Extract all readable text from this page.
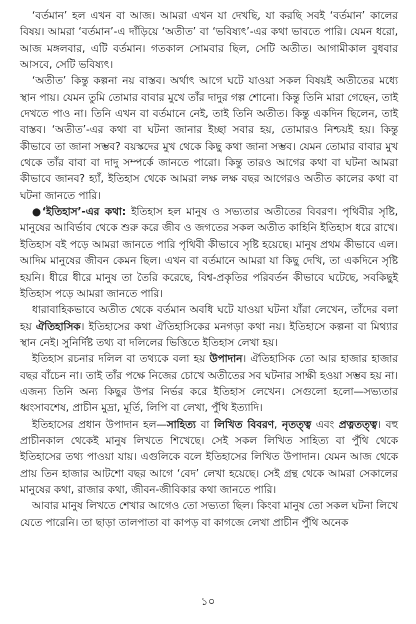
‘বর্তমান’ হল এখন বা আজ। আমরা এখন যা দেখছি, যা করছি সবই ‘বর্তমান’ কালের বিষয়। আমরা ‘বর্তমান’-এ দাঁড়িয়ে ‘অতীত’ বা ‘ভবিষ্যৎ’-এর কথা ভাবতে পারি। যেমন ধরো, আজ মঙ্গলবার, এটি বর্তমান। গতকাল সোমবার ছিল, সেটি অতীত। আগামীকাল বুধবার আসবে, সেটি ভবিষ্যৎ।

‘অতীত’ কিন্তু কল্পনা নয় বাস্তব। অর্থাৎ আগে ঘটে যাওয়া সকল বিষয়ই অতীতের মধ্যে স্থান পায়। যেমন তুমি তোমার বাবার মুখে তাঁর দাদুর গল্প শোনো। কিন্তু তিনি মারা গেছেন, তাই দেখতে পাও না। তিনি এখন বা বর্তমানে নেই, তাই তিনি অতীত। কিন্তু একদিন ছিলেন, তাই বাস্তব। ‘অতীত’-এর কথা বা ঘটনা জানার ইচ্ছা সবার হয়, তোমারও নিশ্চয়ই হয়। কিন্তু কীভাবে তা জানা সম্ভব? বয়স্কদের মুখ থেকে কিছু কথা জানা সম্ভব। যেমন তোমার বাবার মুখ থেকে তাঁর বাবা বা দাদু সম্পর্কে জানতে পারো। কিন্তু তারও আগের কথা বা ঘটনা আমরা কীভাবে জানব? হ্যাঁ, ইতিহাস থেকে আমরা লক্ষ লক্ষ বছর আগেরও অতীত কালের কথা বা ঘটনা জানতে পারি।

●‘ইতিহাস’-এর কথা: ইতিহাস হল মানুষ ও সভ্যতার অতীতের বিবরণ। পৃথিবীর সৃষ্টি, মানুষের আবির্ভাব থেকে শুরু করে জীব ও জগতের সকল অতীত কাহিনি ইতিহাস ধরে রাখে। ইতিহাস বই পড়ে আমরা জানতে পারি পৃথিবী কীভাবে সৃষ্টি হয়েছে। মানুষ প্রথম কীভাবে এল। আদিম মানুষের জীবন কেমন ছিল। এখন বা বর্তমানে আমরা যা কিছু দেখি, তা একদিনে সৃষ্টি হয়নি। ধীরে ধীরে মানুষ তা তৈরি করেছে, বিশ্ব-প্রকৃতির পরিবর্তন কীভাবে ঘটেছে, সবকিছুই ইতিহাস পড়ে আমরা জানতে পারি।

ধারাবাহিকভাবে অতীত থেকে বর্তমান অবধি ঘটে যাওয়া ঘটনা যাঁরা লেখেন, তাঁদের বলা হয় ঐতিহাসিক। ইতিহাসের কথা ঐতিহাসিকের মনগড়া কথা নয়। ইতিহাসে কল্পনা বা মিথ্যার স্থান নেই। সুনির্দিষ্ট তথ্য বা দলিলের ভিত্তিতে ইতিহাস লেখা হয়।

ইতিহাস রচনার দলিল বা তথ্যকে বলা হয় উপাদান। ঐতিহাসিক তো আর হাজার হাজার বছর বাঁচেন না। তাই তাঁর পক্ষে নিজের চোখে অতীতের সব ঘটনার সাক্ষী হওয়া সম্ভব হয় না। এজন্য তিনি অন্য কিছুর উপর নির্ভর করে ইতিহাস লেখেন। সেগুলো হলো—সভ্যতার ধ্বংসাবশেষ, প্রাচীন মুদ্রা, মূর্তি, লিপি বা লেখা, পুঁথি ইত্যাদি।

ইতিহাসের প্রধান উপাদান হল—সাহিত্য বা লিখিত বিবরণ, নৃতত্ত্ব এবং প্রত্নতত্ত্ব। বহু প্রাচীনকাল থেকেই মানুষ লিখতে শিখেছে। সেই সকল লিখিত সাহিত্য বা পুঁথি থেকে ইতিহাসের তথ্য পাওয়া যায়। এগুলিকে বলে ইতিহাসের লিখিত উপাদান। যেমন আজ থেকে প্রায় তিন হাজার আটশো বছর আগে ‘বেদ’ লেখা হয়েছে। সেই গ্রন্থ থেকে আমরা সেকালের মানুষের কথা, রাজার কথা, জীবন-জীবিকার কথা জানতে পারি।

আবার মানুষ লিখতে শেখার আগেও তো সভ্যতা ছিল। কিংবা মানুষ তো সকল ঘটনা লিখে যেতে পারেনি। তা ছাড়া তালপাতা বা কাপড় বা কাগজে লেখা প্রাচীন পুঁথি অনেক

১০
